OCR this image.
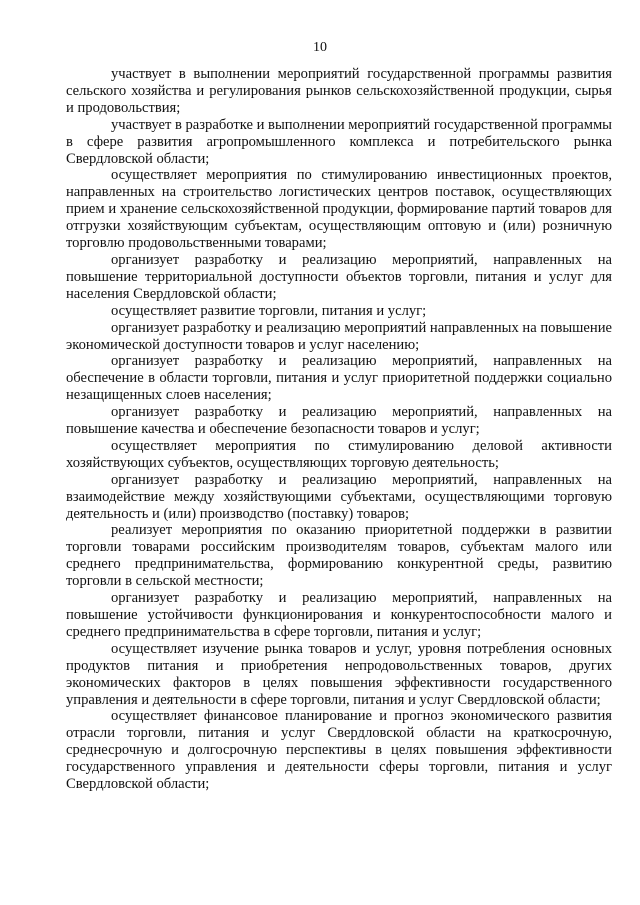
10

участвует в выполнении мероприятий государственной программы развития сельского хозяйства и регулирования рынков сельскохозяйственной продукции, сырья и продовольствия;

участвует в разработке и выполнении мероприятий государственной программы в сфере развития агропромышленного комплекса и потребительского рынка Свердловской области;

осуществляет мероприятия по стимулированию инвестиционных проектов, направленных на строительство логистических центров поставок, осуществляющих прием и хранение сельскохозяйственной продукции, формирование партий товаров для отгрузки хозяйствующим субъектам, осуществляющим оптовую и (или) розничную торговлю продовольственными товарами;

организует разработку и реализацию мероприятий, направленных на повышение территориальной доступности объектов торговли, питания и услуг для населения Свердловской области;

осуществляет развитие торговли, питания и услуг;

организует разработку и реализацию мероприятий направленных на повышение экономической доступности товаров и услуг населению;

организует разработку и реализацию мероприятий, направленных на обеспечение в области торговли, питания и услуг приоритетной поддержки социально незащищенных слоев населения;

организует разработку и реализацию мероприятий, направленных на повышение качества и обеспечение безопасности товаров и услуг;

осуществляет мероприятия по стимулированию деловой активности хозяйствующих субъектов, осуществляющих торговую деятельность;

организует разработку и реализацию мероприятий, направленных на взаимодействие между хозяйствующими субъектами, осуществляющими торговую деятельность и (или) производство (поставку) товаров;

реализует мероприятия по оказанию приоритетной поддержки в развитии торговли товарами российским производителям товаров, субъектам малого или среднего предпринимательства, формированию конкурентной среды, развитию торговли в сельской местности;

организует разработку и реализацию мероприятий, направленных на повышение устойчивости функционирования и конкурентоспособности малого и среднего предпринимательства в сфере торговли, питания и услуг;

осуществляет изучение рынка товаров и услуг, уровня потребления основных продуктов питания и приобретения непродовольственных товаров, других экономических факторов в целях повышения эффективности государственного управления и деятельности в сфере торговли, питания и услуг Свердловской области;

осуществляет финансовое планирование и прогноз экономического развития отрасли торговли, питания и услуг Свердловской области на краткосрочную, среднесрочную и долгосрочную перспективы в целях повышения эффективности государственного управления и деятельности сферы торговли, питания и услуг Свердловской области;
